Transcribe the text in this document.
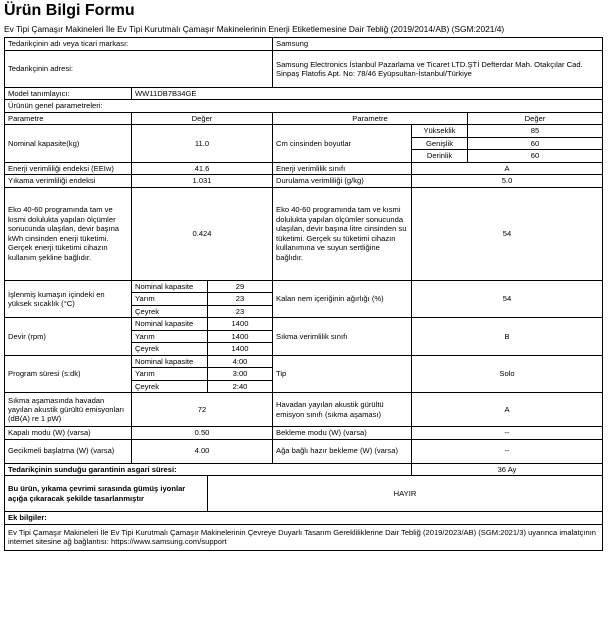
Ürün Bilgi Formu
Ev Tipi Çamaşır Makineleri İle Ev Tipi Kurutmalı Çamaşır Makinelerinin Enerji Etiketlemesine Dair Tebliğ (2019/2014/AB) (SGM:2021/4)
Tedarikçinin adı veya ticari markası:			Samsung		
Tedarikçinin adresi:			Samsung Electronics İstanbul Pazarlama ve Ticaret LTD.ŞTİ Defterdar Mah. Otakçılar Cad. Sinpaş Flatofis Apt. No: 78/46 Eyüpsultan-İstanbul/Türkiye		
Model tanımlayıcı:	WW11DB7B34GE				
Ürünün genel parametreleri:					
Parametre	Değer		Parametre		Değer
Nominal kapasite(kg)	11.0		Cm cinsinden boyutlar	Yükseklik	85
				Genişlik	60
				Derinlik	60
Enerji verimliliği endeksi (EEIw)	41.6		Enerji verimlilik sınıfı	A	
Yıkama verimliliği endeksi	1.031		Durulama verimliliği (g/kg)	5.0	
Eko 40-60 programında tam ve kısmi dolulukta yapılan ölçümler sonucunda ulaşılan, devir başına kWh cinsinden enerji tüketimi. Gerçek enerji tüketimi cihazın kullanım şekline bağlıdır.	0.424		Eko 40-60 programında tam ve kısmi dolulukta yapılan ölçümler sonucunda ulaşılan, devir başına litre cinsinden su tüketimi. Gerçek su tüketimi cihazın kullanımına ve suyun sertliğine bağlıdır.	54	
İşlenmiş kumaşın içindeki en yüksek sıcaklık (°C)	Nominal kapasite	29	Kalan nem içeriğinin ağırlığı (%)	54	
	Yarım	23			
	Çeyrek	23			
Devir (rpm)	Nominal kapasite	1400	Sıkma verimlilik sınıfı	B	
	Yarım	1400			
	Çeyrek	1400			
Program süresi (s:dk)	Nominal kapasite	4:00	Tip	Solo	
	Yarım	3:00			
	Çeyrek	2:40			
Sıkma aşamasında havadan yayılan akustik gürültü emisyonları (dB(A) re 1 pW)	72		Havadan yayılan akustik gürültü emisyon sınıfı (sıkma aşaması)	A	
Kapalı modu (W) (varsa)	0.50		Bekleme modu (W) (varsa)	--	
Gecikmeli başlatma (W) (varsa)	4.00		Ağa bağlı hazır bekleme (W) (varsa)	--	
Tedarikçinin sunduğu garantinin asgari süresi:				36 Ay	
Bu ürün, yıkama çevrimi sırasında gümüş iyonlar açığa çıkaracak şekilde tasarlanmıştır		HAYIR			
Ek bilgiler:					
Ev Tipi Çamaşır Makineleri İle Ev Tipi Kurutmalı Çamaşır Makinelerinin Çevreye Duyarlı Tasarım Gerekliliklerine Dair Tebliğ (2019/2023/AB) (SGM:2021/3) uyarınca imalatçının internet sitesine ağ bağlantısı: https://www.samsung.com/support					
